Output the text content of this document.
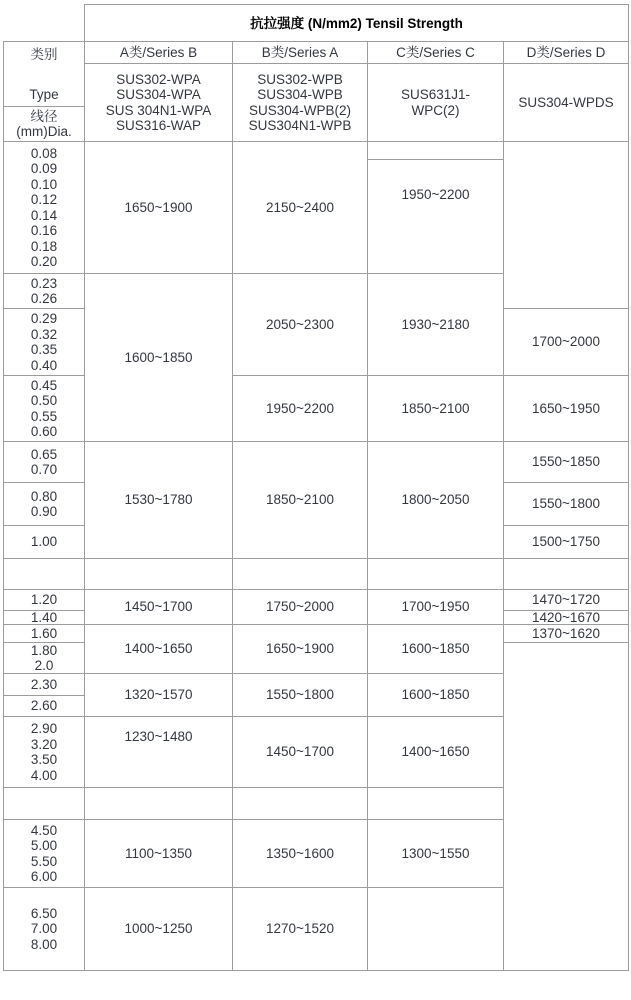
抗拉强度 (N/mm2) Tensil Strength
类别
Type
线径
(mm)Dia.
0.08
0.09
0.10
0.12
0.14
0.16
0.18
0.20
0.23
0.26
0.29
0.32
0.35
0.40
0.45
0.50
0.55
0.60
0.65
0.70
0.80
0.90
1.00
1.20
1.40
1.60
1.80
2.0
2.30
2.60
2.90
3.20
3.50
4.00
4.50
5.00
5.50
6.00
6.50
7.00
8.00
A类/Series B
SUS302-WPA
SUS304-WPA
SUS 304N1-WPA
SUS316-WAP
1650~1900
1600~1850
1530~1780
1450~1700
1400~1650
1320~1570
1230~1480
1100~1350
1000~1250
B类/Series A
SUS302-WPB
SUS304-WPB
SUS304-WPB(2)
SUS304N1-WPB
2150~2400
2050~2300
1950~2200
1850~2100
1750~2000
1650~1900
1550~1800
1450~1700
1350~1600
1270~1520
C类/Series C
SUS631J1-
WPC(2)
1950~2200
1930~2180
1850~2100
1800~2050
1700~1950
1600~1850
1600~1850
1400~1650
1300~1550
D类/Series D
SUS304-WPDS
1700~2000
1650~1950
1550~1850
1550~1800
1500~1750
1470~1720
1420~1670
1370~1620
